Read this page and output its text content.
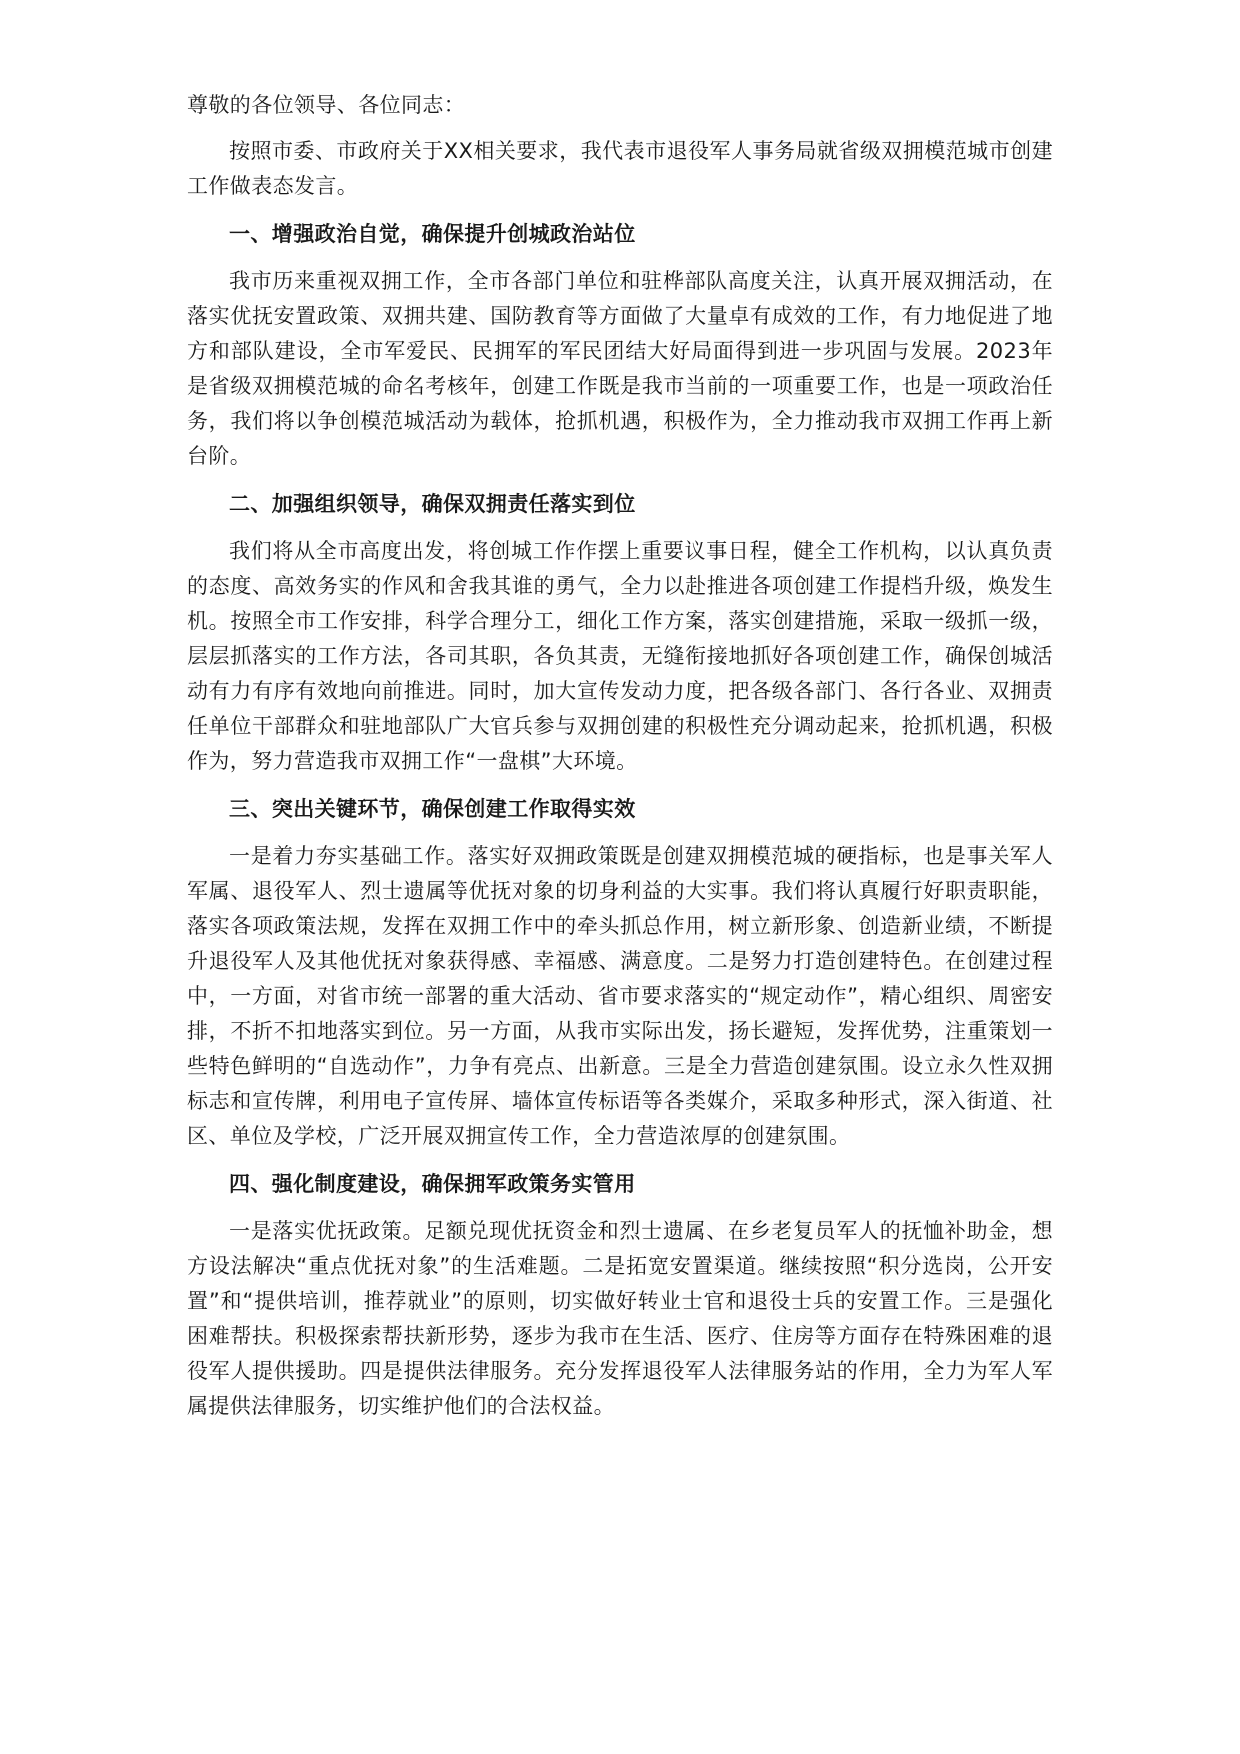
尊敬的各位领导、各位同志：

按照市委、市政府关于XX相关要求，我代表市退役军人事务局就省级双拥模范城市创建工作做表态发言。

一、增强政治自觉，确保提升创城政治站位

我市历来重视双拥工作，全市各部门单位和驻桦部队高度关注，认真开展双拥活动，在落实优抚安置政策、双拥共建、国防教育等方面做了大量卓有成效的工作，有力地促进了地方和部队建设，全市军爱民、民拥军的军民团结大好局面得到进一步巩固与发展。2023年是省级双拥模范城的命名考核年，创建工作既是我市当前的一项重要工作，也是一项政治任务，我们将以争创模范城活动为载体，抢抓机遇，积极作为，全力推动我市双拥工作再上新台阶。

二、加强组织领导，确保双拥责任落实到位

我们将从全市高度出发，将创城工作作摆上重要议事日程，健全工作机构，以认真负责的态度、高效务实的作风和舍我其谁的勇气，全力以赴推进各项创建工作提档升级，焕发生机。按照全市工作安排，科学合理分工，细化工作方案，落实创建措施，采取一级抓一级，层层抓落实的工作方法，各司其职，各负其责，无缝衔接地抓好各项创建工作，确保创城活动有力有序有效地向前推进。同时，加大宣传发动力度，把各级各部门、各行各业、双拥责任单位干部群众和驻地部队广大官兵参与双拥创建的积极性充分调动起来，抢抓机遇，积极作为，努力营造我市双拥工作“一盘棋”大环境。

三、突出关键环节，确保创建工作取得实效

一是着力夯实基础工作。落实好双拥政策既是创建双拥模范城的硬指标，也是事关军人军属、退役军人、烈士遗属等优抚对象的切身利益的大实事。我们将认真履行好职责职能，落实各项政策法规，发挥在双拥工作中的牵头抓总作用，树立新形象、创造新业绩，不断提升退役军人及其他优抚对象获得感、幸福感、满意度。二是努力打造创建特色。在创建过程中，一方面，对省市统一部署的重大活动、省市要求落实的“规定动作”，精心组织、周密安排，不折不扣地落实到位。另一方面，从我市实际出发，扬长避短，发挥优势，注重策划一些特色鲜明的“自选动作”，力争有亮点、出新意。三是全力营造创建氛围。设立永久性双拥标志和宣传牌，利用电子宣传屏、墙体宣传标语等各类媒介，采取多种形式，深入街道、社区、单位及学校，广泛开展双拥宣传工作，全力营造浓厚的创建氛围。

四、强化制度建设，确保拥军政策务实管用

一是落实优抚政策。足额兑现优抚资金和烈士遗属、在乡老复员军人的抚恤补助金，想方设法解决“重点优抚对象”的生活难题。二是拓宽安置渠道。继续按照“积分选岗，公开安置”和“提供培训，推荐就业”的原则，切实做好转业士官和退役士兵的安置工作。三是强化困难帮扶。积极探索帮扶新形势，逐步为我市在生活、医疗、住房等方面存在特殊困难的退役军人提供援助。四是提供法律服务。充分发挥退役军人法律服务站的作用，全力为军人军属提供法律服务，切实维护他们的合法权益。
